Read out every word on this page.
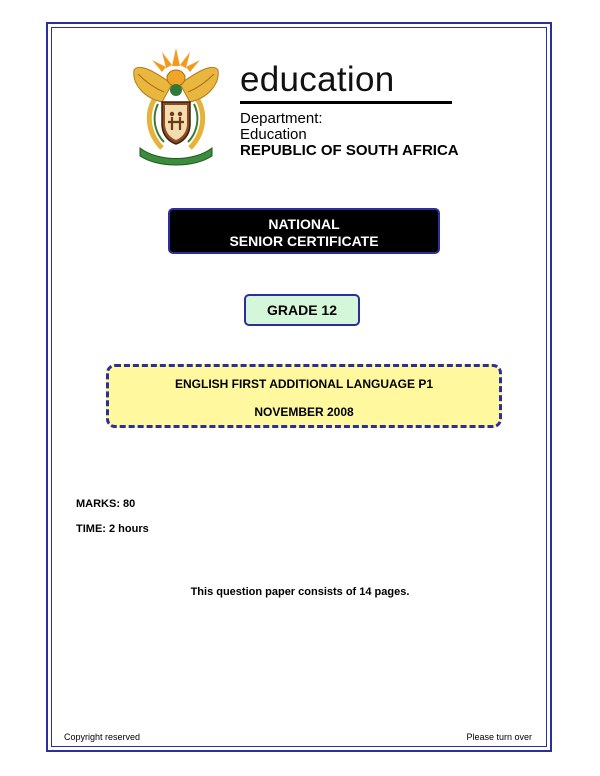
education
Department:
Education
REPUBLIC OF SOUTH AFRICA
NATIONAL
SENIOR CERTIFICATE
GRADE 12
ENGLISH FIRST ADDITIONAL LANGUAGE P1
NOVEMBER 2008
MARKS: 80
TIME: 2 hours
This question paper consists of 14 pages.
Copyright reserved	Please turn over
